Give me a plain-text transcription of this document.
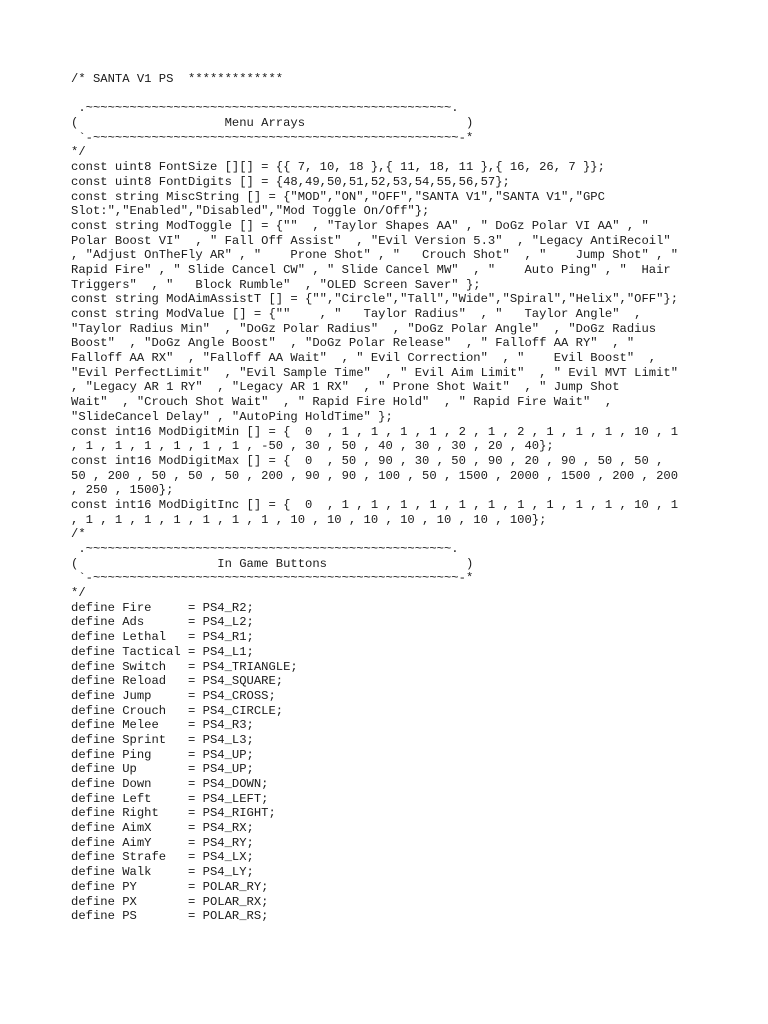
/* SANTA V1 PS  *************
.~~~~~~~~~~~~~~~~~~~~~~~~~~~~~~~~~~~~~~~~~~~~~~~~~~.
(                    Menu Arrays                      )
`-~~~~~~~~~~~~~~~~~~~~~~~~~~~~~~~~~~~~~~~~~~~~~~~~~~-*
*/
const uint8 FontSize [][] = {{ 7, 10, 18 },{ 11, 18, 11 },{ 16, 26, 7 }};
const uint8 FontDigits [] = {48,49,50,51,52,53,54,55,56,57};
const string MiscString [] = {"MOD","ON","OFF","SANTA V1","SANTA V1","GPC
Slot:","Enabled","Disabled","Mod Toggle On/Off"};
const string ModToggle [] = {""  , "Taylor Shapes AA" , " DoGz Polar VI AA" , "
Polar Boost VI"  , " Fall Off Assist"  , "Evil Version 5.3"  , "Legacy AntiRecoil"
, "Adjust OnTheFly AR" , "    Prone Shot" , "   Crouch Shot"  , "    Jump Shot" , "
Rapid Fire" , " Slide Cancel CW" , " Slide Cancel MW"  , "    Auto Ping" , "  Hair
Triggers"  , "   Block Rumble"  , "OLED Screen Saver" };
const string ModAimAssistT [] = {"","Circle","Tall","Wide","Spiral","Helix","OFF"};
const string ModValue [] = {""    , "   Taylor Radius"  , "   Taylor Angle"  ,
"Taylor Radius Min"  , "DoGz Polar Radius"  , "DoGz Polar Angle"  , "DoGz Radius
Boost"  , "DoGz Angle Boost"  , "DoGz Polar Release"  , " Falloff AA RY"  , "
Falloff AA RX"  , "Falloff AA Wait"  , " Evil Correction"  , "    Evil Boost"  ,
"Evil PerfectLimit"  , "Evil Sample Time"  , " Evil Aim Limit"  , " Evil MVT Limit"
, "Legacy AR 1 RY"  , "Legacy AR 1 RX"  , " Prone Shot Wait"  , " Jump Shot
Wait"  , "Crouch Shot Wait"  , " Rapid Fire Hold"  , " Rapid Fire Wait"  ,
"SlideCancel Delay" , "AutoPing HoldTime" };
const int16 ModDigitMin [] = {  0  , 1 , 1 , 1 , 1 , 2 , 1 , 2 , 1 , 1 , 1 , 10 , 1
, 1 , 1 , 1 , 1 , 1 , 1 , -50 , 30 , 50 , 40 , 30 , 30 , 20 , 40};
const int16 ModDigitMax [] = {  0  , 50 , 90 , 30 , 50 , 90 , 20 , 90 , 50 , 50 ,
50 , 200 , 50 , 50 , 50 , 200 , 90 , 90 , 100 , 50 , 1500 , 2000 , 1500 , 200 , 200
, 250 , 1500};
const int16 ModDigitInc [] = {  0  , 1 , 1 , 1 , 1 , 1 , 1 , 1 , 1 , 1 , 1 , 10 , 1
, 1 , 1 , 1 , 1 , 1 , 1 , 1 , 10 , 10 , 10 , 10 , 10 , 10 , 100};
/*
.~~~~~~~~~~~~~~~~~~~~~~~~~~~~~~~~~~~~~~~~~~~~~~~~~~.
(                   In Game Buttons                   )
`-~~~~~~~~~~~~~~~~~~~~~~~~~~~~~~~~~~~~~~~~~~~~~~~~~~-*
*/
define Fire     = PS4_R2;
define Ads      = PS4_L2;
define Lethal   = PS4_R1;
define Tactical = PS4_L1;
define Switch   = PS4_TRIANGLE;
define Reload   = PS4_SQUARE;
define Jump     = PS4_CROSS;
define Crouch   = PS4_CIRCLE;
define Melee    = PS4_R3;
define Sprint   = PS4_L3;
define Ping     = PS4_UP;
define Up       = PS4_UP;
define Down     = PS4_DOWN;
define Left     = PS4_LEFT;
define Right    = PS4_RIGHT;
define AimX     = PS4_RX;
define AimY     = PS4_RY;
define Strafe   = PS4_LX;
define Walk     = PS4_LY;
define PY       = POLAR_RY;
define PX       = POLAR_RX;
define PS       = POLAR_RS;
